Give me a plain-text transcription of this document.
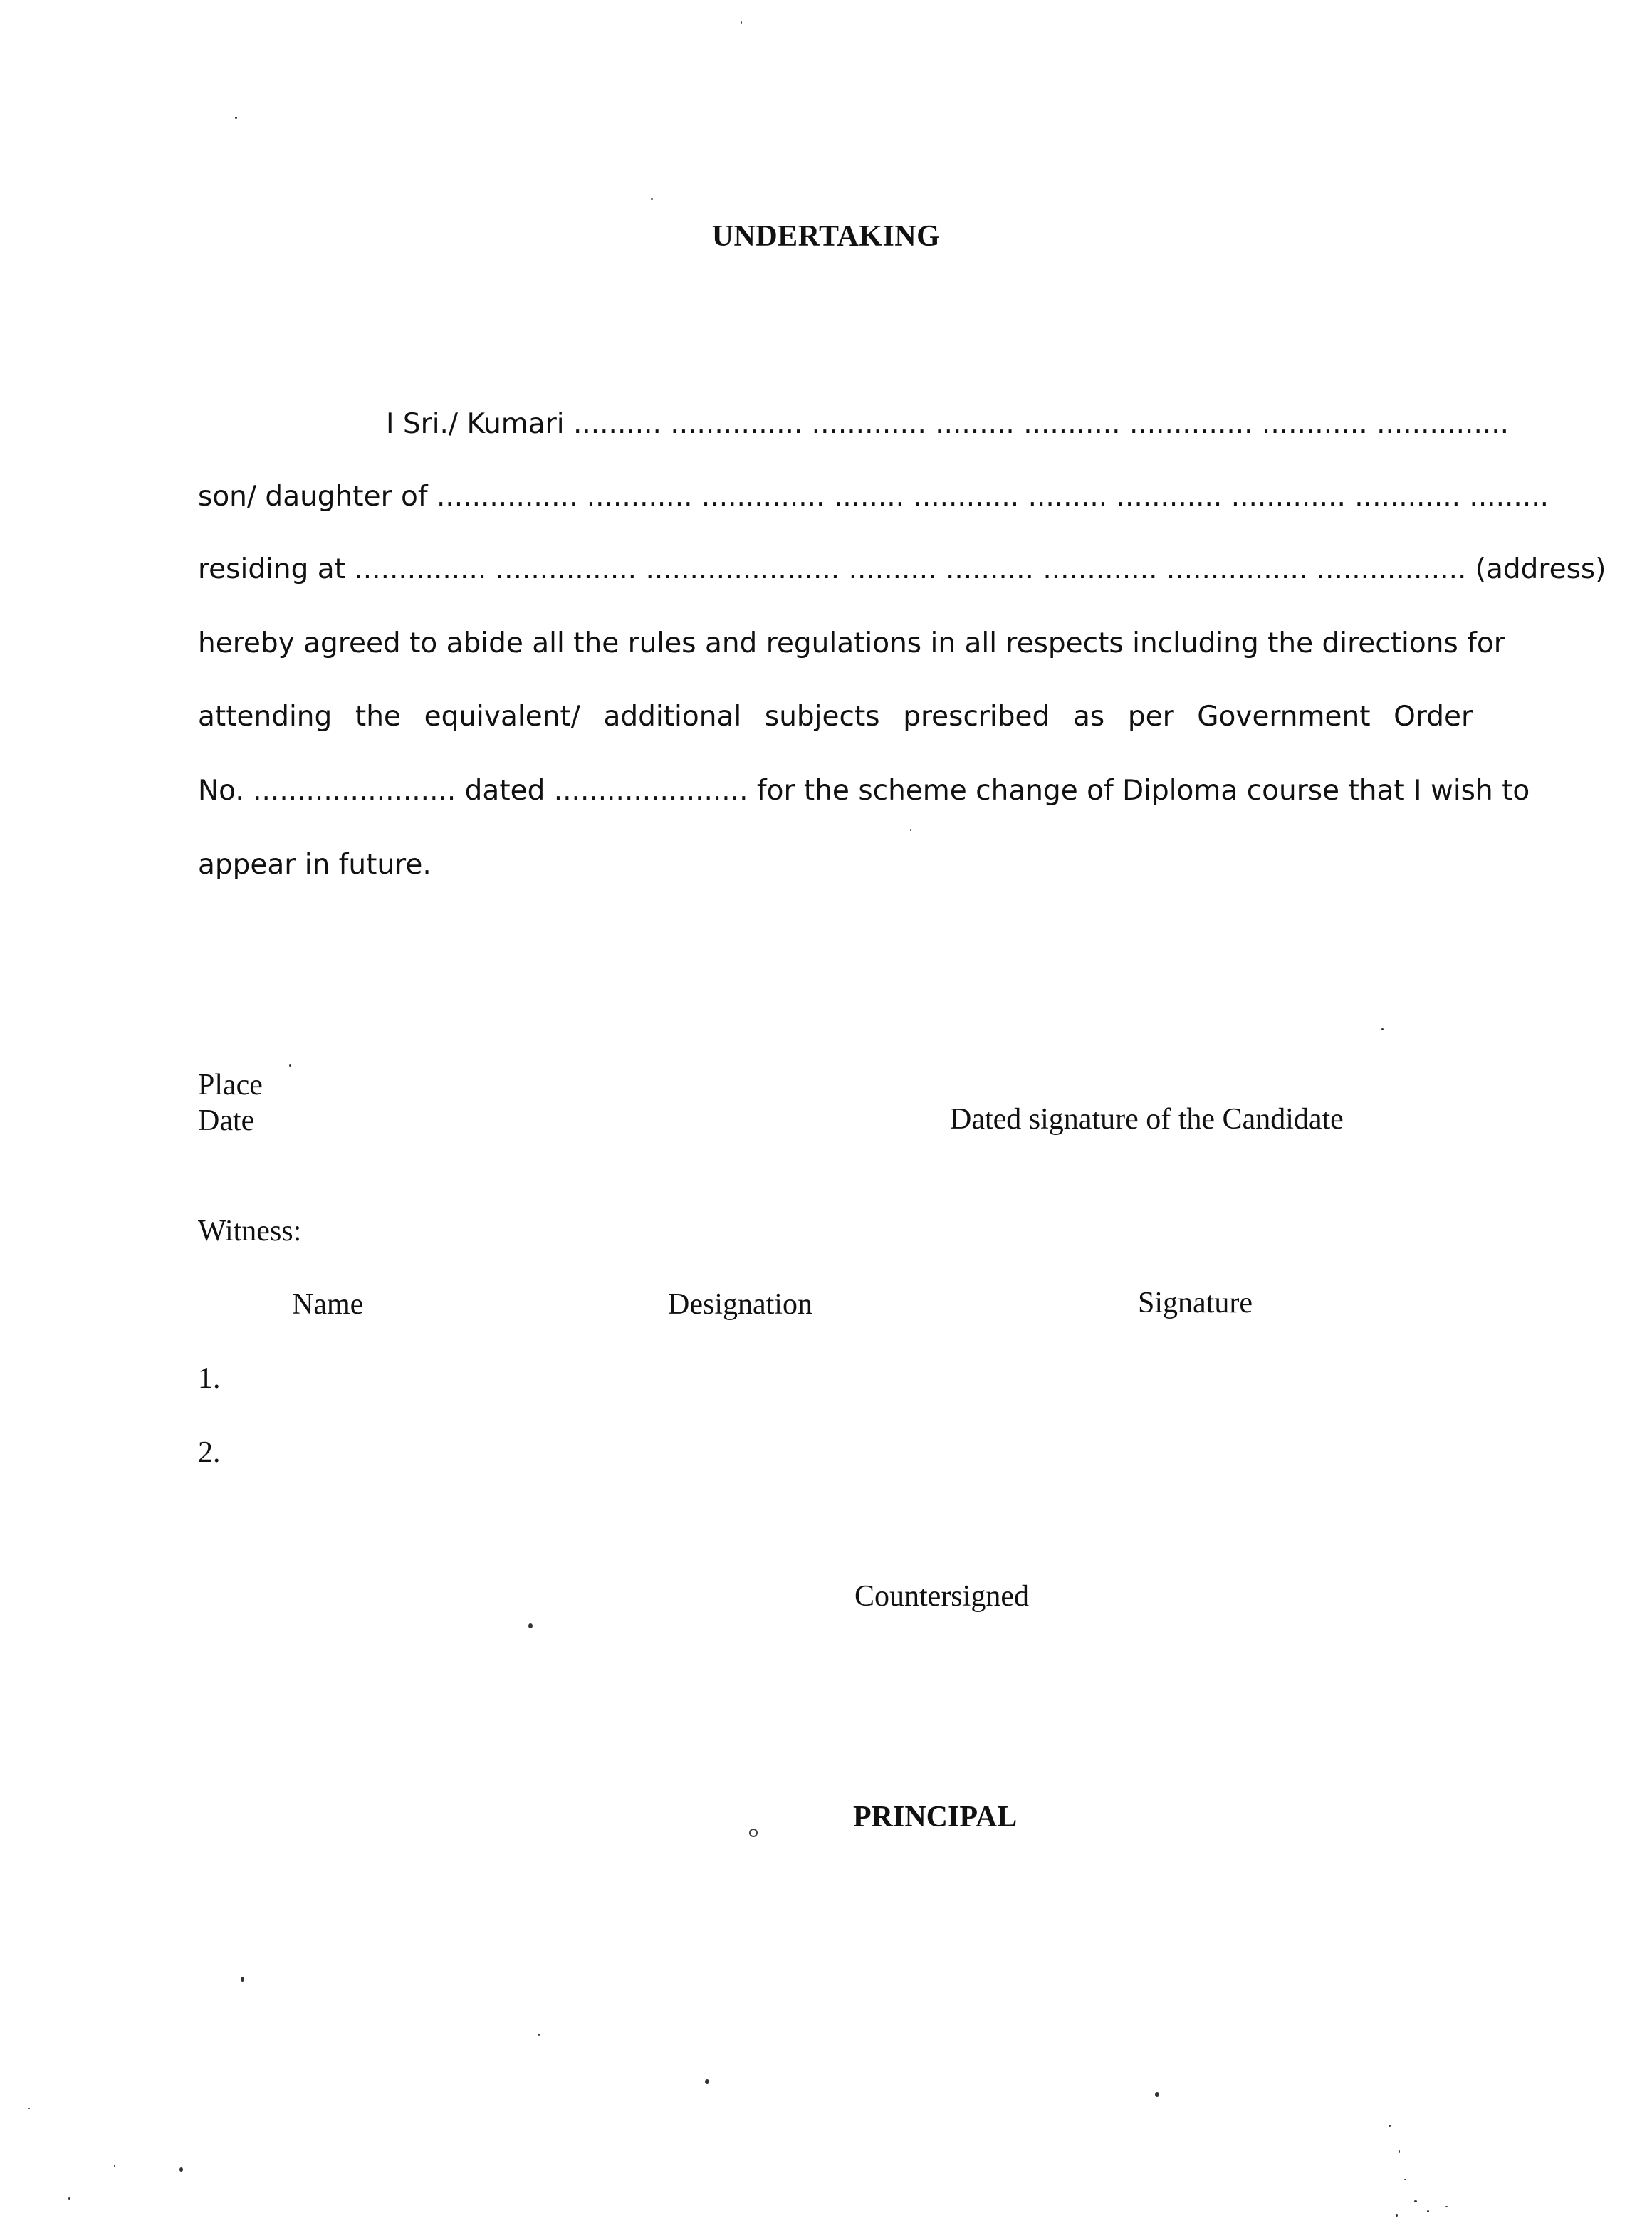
UNDERTAKING
I Sri./ Kumari .......... ............... ............. ......... ........... .............. ............ ...............
son/ daughter of ................ ............ .............. ........ ............ ......... ............ ............. ............ .........
residing at ............... ................ ...................... .......... .......... ............. ................ ................. (address)
hereby agreed to abide all the rules and regulations in all respects including the directions for
attending the equivalent/ additional subjects prescribed as per Government Order
No. ....................... dated ...................... for the scheme change of Diploma course that I wish to
appear in future.
Place
Date	Dated signature of the Candidate
Witness:
Name	Designation	Signature
1.
2.
Countersigned
PRINCIPAL
